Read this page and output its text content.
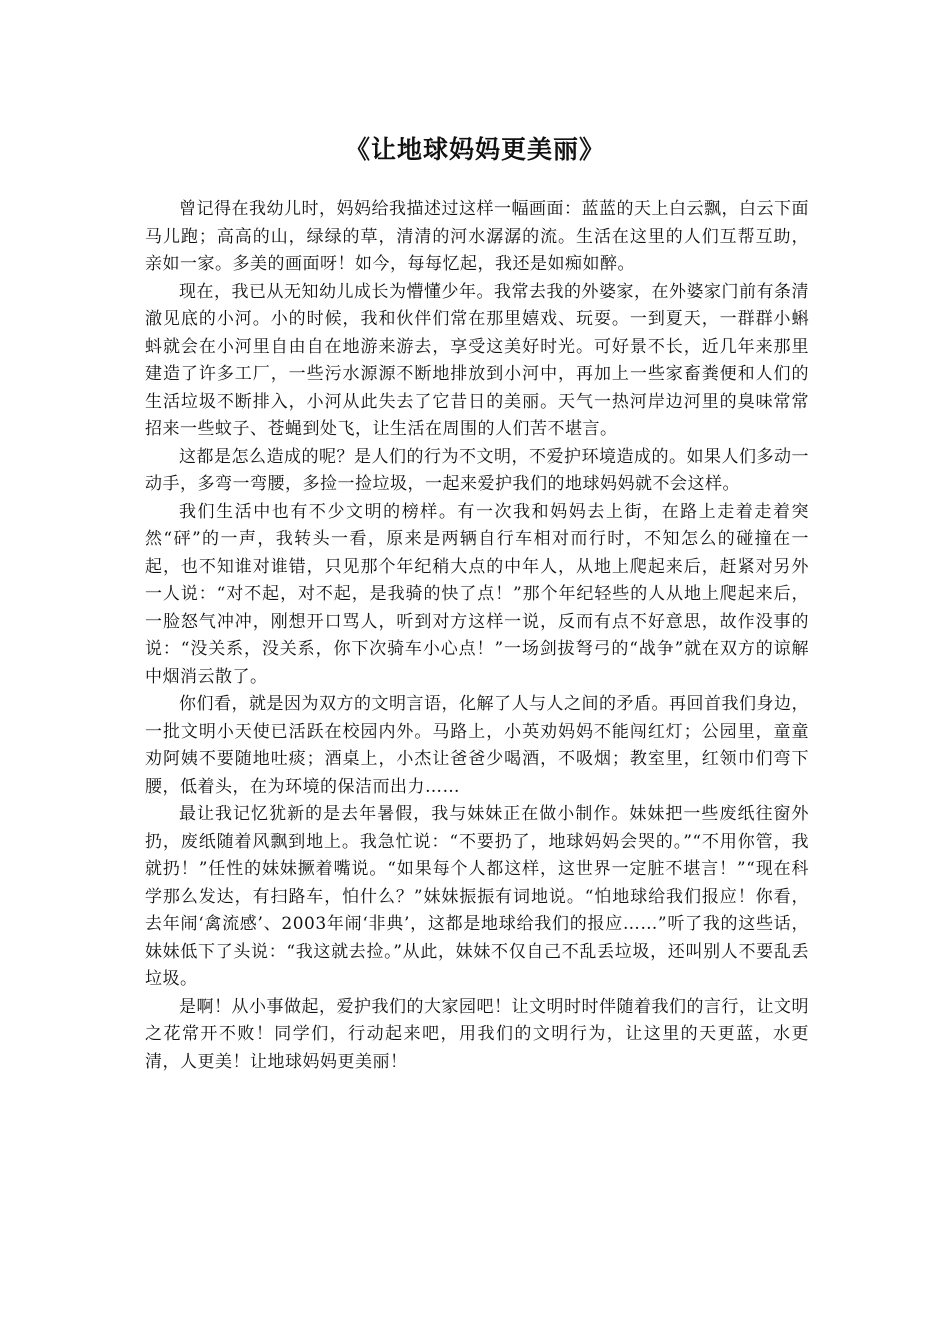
《让地球妈妈更美丽》

曾记得在我幼儿时，妈妈给我描述过这样一幅画面：蓝蓝的天上白云飘，白云下面马儿跑；高高的山，绿绿的草，清清的河水潺潺的流。生活在这里的人们互帮互助，亲如一家。多美的画面呀！如今，每每忆起，我还是如痴如醉。

现在，我已从无知幼儿成长为懵懂少年。我常去我的外婆家，在外婆家门前有条清澈见底的小河。小的时候，我和伙伴们常在那里嬉戏、玩耍。一到夏天，一群群小蝌蚪就会在小河里自由自在地游来游去，享受这美好时光。可好景不长，近几年来那里建造了许多工厂，一些污水源源不断地排放到小河中，再加上一些家畜粪便和人们的生活垃圾不断排入，小河从此失去了它昔日的美丽。天气一热河岸边河里的臭味常常招来一些蚊子、苍蝇到处飞，让生活在周围的人们苦不堪言。

这都是怎么造成的呢？是人们的行为不文明，不爱护环境造成的。如果人们多动一动手，多弯一弯腰，多捡一捡垃圾，一起来爱护我们的地球妈妈就不会这样。

我们生活中也有不少文明的榜样。有一次我和妈妈去上街，在路上走着走着突然“砰”的一声，我转头一看，原来是两辆自行车相对而行时，不知怎么的碰撞在一起，也不知谁对谁错，只见那个年纪稍大点的中年人，从地上爬起来后，赶紧对另外一人说：“对不起，对不起，是我骑的快了点！”那个年纪轻些的人从地上爬起来后，一脸怒气冲冲，刚想开口骂人，听到对方这样一说，反而有点不好意思，故作没事的说：“没关系，没关系，你下次骑车小心点！”一场剑拔弩弓的“战争”就在双方的谅解中烟消云散了。

你们看，就是因为双方的文明言语，化解了人与人之间的矛盾。再回首我们身边，一批文明小天使已活跃在校园内外。马路上，小英劝妈妈不能闯红灯；公园里，童童劝阿姨不要随地吐痰；酒桌上，小杰让爸爸少喝酒，不吸烟；教室里，红领巾们弯下腰，低着头，在为环境的保洁而出力……

最让我记忆犹新的是去年暑假，我与妹妹正在做小制作。妹妹把一些废纸往窗外扔，废纸随着风飘到地上。我急忙说：“不要扔了，地球妈妈会哭的。”“不用你管，我就扔！”任性的妹妹撅着嘴说。“如果每个人都这样，这世界一定脏不堪言！”“现在科学那么发达，有扫路车，怕什么？”妹妹振振有词地说。“怕地球给我们报应！你看，去年闹‘禽流感’、2003年闹‘非典’，这都是地球给我们的报应……”听了我的这些话，妹妹低下了头说：“我这就去捡。”从此，妹妹不仅自己不乱丢垃圾，还叫别人不要乱丢垃圾。

是啊！从小事做起，爱护我们的大家园吧！让文明时时伴随着我们的言行，让文明之花常开不败！同学们，行动起来吧，用我们的文明行为，让这里的天更蓝，水更清，人更美！让地球妈妈更美丽！
